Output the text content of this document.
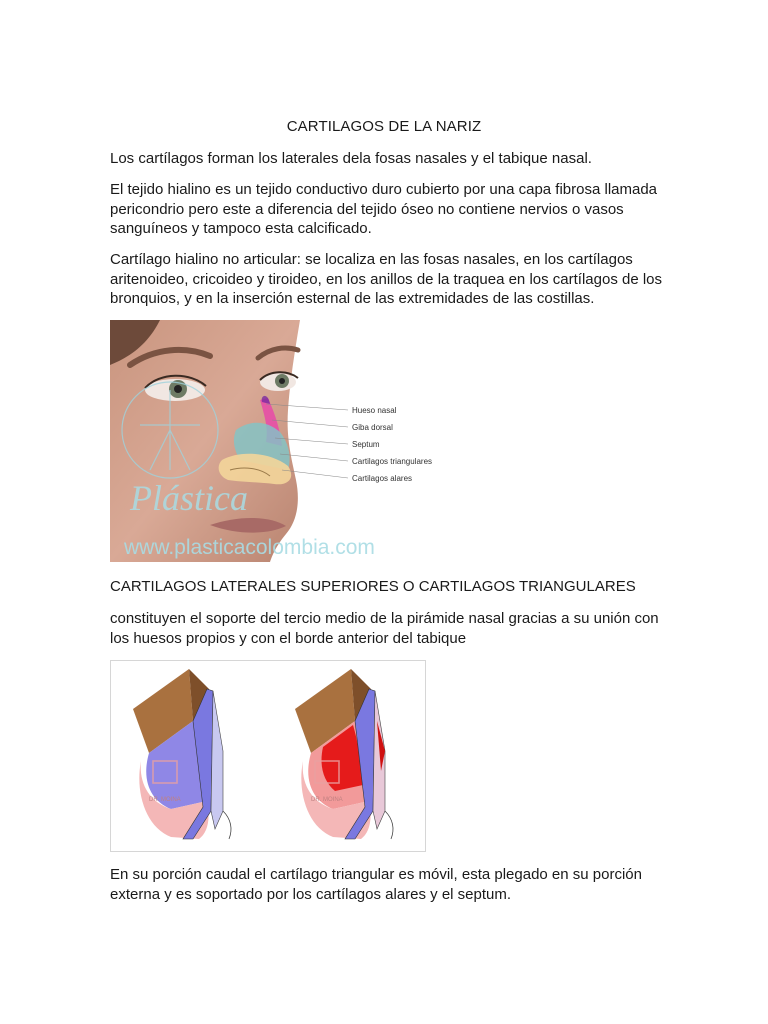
CARTILAGOS DE LA NARIZ

Los cartílagos forman los laterales dela fosas nasales y el tabique nasal.

El tejido hialino es un tejido conductivo duro cubierto por una capa fibrosa llamada pericondrio pero este a diferencia del tejido óseo no contiene nervios o vasos sanguíneos y tampoco esta calcificado.

Cartílago hialino no articular: se localiza en las fosas nasales, en los cartílagos aritenoideo, cricoideo y tiroideo, en los anillos de la traquea en los cartílagos de los bronquios, y en la inserción esternal de las extremidades de las costillas.

Plástica
www.plasticacolombia.com
Hueso nasal
Giba dorsal
Septum
Cartilagos triangulares
Cartilagos alares

CARTILAGOS LATERALES SUPERIORES O CARTILAGOS TRIANGULARES

constituyen el soporte del tercio medio de la pirámide nasal gracias a su unión con los huesos propios y con el borde anterior del tabique

DR. MOINA	DR. MOINA

En su porción caudal el cartílago triangular es móvil, esta plegado en su porción externa y es soportado por los cartílagos alares y el septum.
